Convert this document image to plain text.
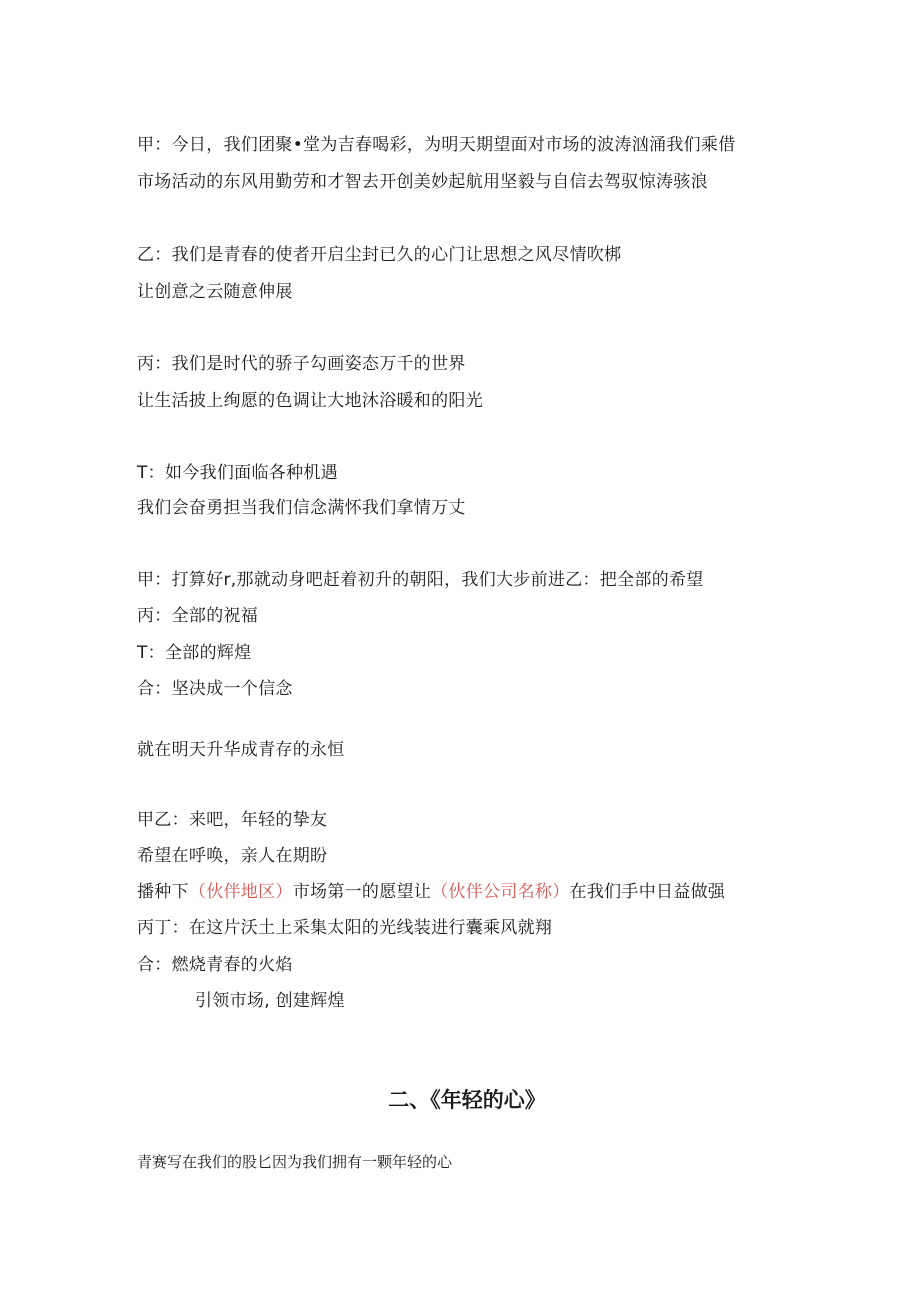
甲：今日，我们团聚•堂为吉春喝彩，为明天期望面对市场的波涛汹涌我们乘借
市场活动的东风用勤劳和才智去开创美妙起航用坚毅与自信去驾驭惊涛骇浪
乙：我们是青春的使者开启尘封已久的心门让思想之风尽情吹梆
让创意之云随意伸展
丙：我们是时代的骄子勾画姿态万千的世界
让生活披上绚愿的色调让大地沐浴暖和的阳光
T：如今我们面临各种机遇
我们会奋勇担当我们信念满怀我们拿情万丈
甲：打算好r,那就动身吧赶着初升的朝阳，我们大步前进乙：把全部的希望
丙：全部的祝福
T：全部的辉煌
合：坚决成一个信念
就在明天升华成青存的永恒
甲乙：来吧，年轻的挚友
希望在呼唤，亲人在期盼
播种下（伙伴地区）市场第一的愿望让（伙伴公司名称）在我们手中日益做强
丙丁：在这片沃土上采集太阳的光线装进行囊乘风就翔
合：燃烧青春的火焰
引领市场, 创建辉煌
二、《年轻的心》
青赛写在我们的股匕因为我们拥有一颗年轻的心
